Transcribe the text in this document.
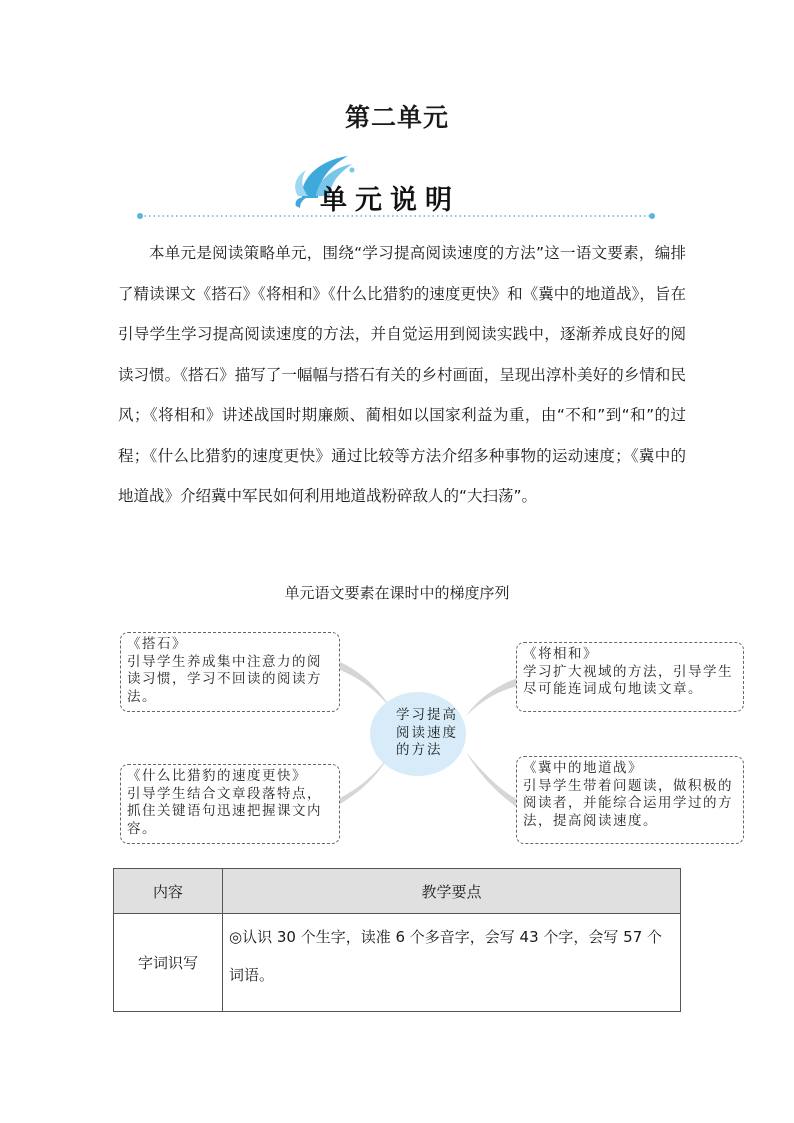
第二单元
单元说明
本单元是阅读策略单元，围绕“学习提高阅读速度的方法”这一语文要素，编排了精读课文《搭石》《将相和》《什么比猎豹的速度更快》和《冀中的地道战》，旨在引导学生学习提高阅读速度的方法，并自觉运用到阅读实践中，逐渐养成良好的阅读习惯。《搭石》描写了一幅幅与搭石有关的乡村画面，呈现出淳朴美好的乡情和民风；《将相和》讲述战国时期廉颇、蔺相如以国家利益为重，由“不和”到“和”的过程；《什么比猎豹的速度更快》通过比较等方法介绍多种事物的运动速度；《冀中的地道战》介绍冀中军民如何利用地道战粉碎敌人的“大扫荡”。
单元语文要素在课时中的梯度序列
《搭石》
引导学生养成集中注意力的阅读习惯，学习不回读的阅读方法。
《将相和》
学习扩大视域的方法，引导学生尽可能连词成句地读文章。
学习提高 阅读速度 的方法
《什么比猎豹的速度更快》
引导学生结合文章段落特点，抓住关键语句迅速把握课文内容。
《冀中的地道战》
引导学生带着问题读，做积极的阅读者，并能综合运用学过的方法，提高阅读速度。
内容	教学要点
字词识写	◎认识 30 个生字，读准 6 个多音字，会写 43 个字，会写 57 个词语。
